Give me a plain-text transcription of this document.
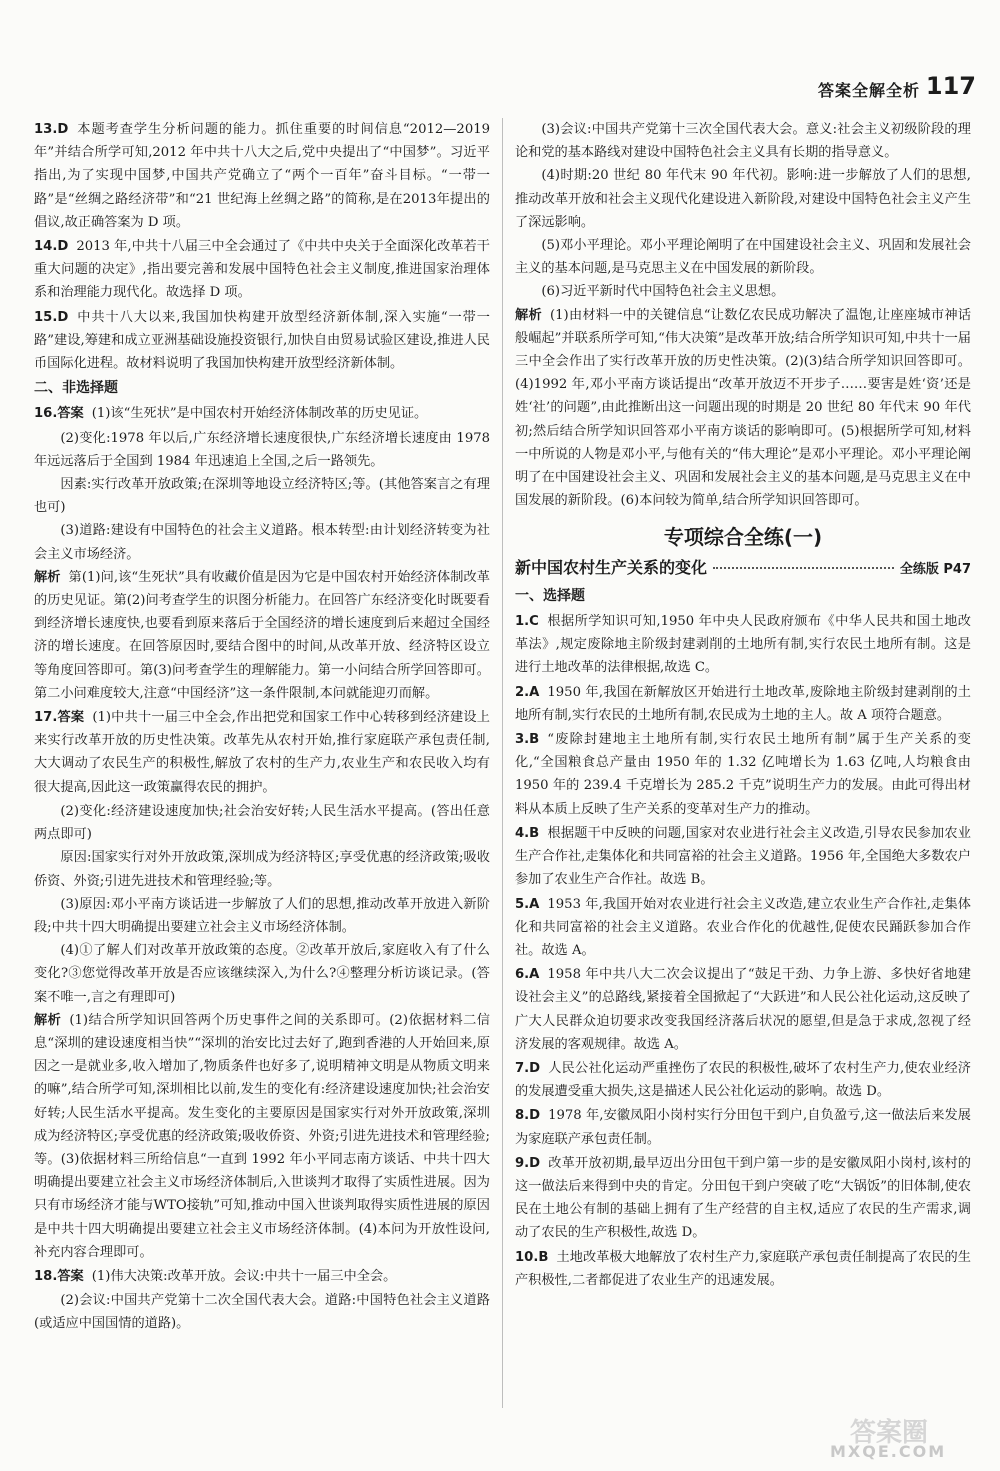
答案全解全析 117

13.D 本题考查学生分析问题的能力。抓住重要的时间信息“2012—2019年”并结合所学可知,2012 年中共十八大之后,党中央提出了“中国梦”。习近平指出,为了实现中国梦,中国共产党确立了“两个一百年”奋斗目标。“一带一路”是“丝绸之路经济带”和“21 世纪海上丝绸之路”的简称,是在2013年提出的倡议,故正确答案为 D 项。

14.D 2013 年,中共十八届三中全会通过了《中共中央关于全面深化改革若干重大问题的决定》,指出要完善和发展中国特色社会主义制度,推进国家治理体系和治理能力现代化。故选择 D 项。

15.D 中共十八大以来,我国加快构建开放型经济新体制,深入实施“一带一路”建设,筹建和成立亚洲基础设施投资银行,加快自由贸易试验区建设,推进人民币国际化进程。故材料说明了我国加快构建开放型经济新体制。

二、非选择题

16.答案 (1)该“生死状”是中国农村开始经济体制改革的历史见证。

(2)变化:1978 年以后,广东经济增长速度很快,广东经济增长速度由 1978 年远远落后于全国到 1984 年迅速追上全国,之后一路领先。

因素:实行改革开放政策;在深圳等地设立经济特区;等。(其他答案言之有理也可)

(3)道路:建设有中国特色的社会主义道路。根本转型:由计划经济转变为社会主义市场经济。

解析 第(1)问,该“生死状”具有收藏价值是因为它是中国农村开始经济体制改革的历史见证。第(2)问考查学生的识图分析能力。在回答广东经济变化时既要看到经济增长速度快,也要看到原来落后于全国经济的增长速度到后来超过全国经济的增长速度。在回答原因时,要结合图中的时间,从改革开放、经济特区设立等角度回答即可。第(3)问考查学生的理解能力。第一小问结合所学回答即可。第二小问难度较大,注意“中国经济”这一条件限制,本问就能迎刃而解。

17.答案 (1)中共十一届三中全会,作出把党和国家工作中心转移到经济建设上来实行改革开放的历史性决策。改革先从农村开始,推行家庭联产承包责任制,大大调动了农民生产的积极性,解放了农村的生产力,农业生产和农民收入均有很大提高,因此这一政策赢得农民的拥护。

(2)变化:经济建设速度加快;社会治安好转;人民生活水平提高。(答出任意两点即可)

原因:国家实行对外开放政策,深圳成为经济特区;享受优惠的经济政策;吸收侨资、外资;引进先进技术和管理经验;等。

(3)原因:邓小平南方谈话进一步解放了人们的思想,推动改革开放进入新阶段;中共十四大明确提出要建立社会主义市场经济体制。

(4)①了解人们对改革开放政策的态度。②改革开放后,家庭收入有了什么变化?③您觉得改革开放是否应该继续深入,为什么?④整理分析访谈记录。(答案不唯一,言之有理即可)

解析 (1)结合所学知识回答两个历史事件之间的关系即可。(2)依据材料二信息“深圳的建设速度相当快”“深圳的治安比过去好了,跑到香港的人开始回来,原因之一是就业多,收入增加了,物质条件也好多了,说明精神文明是从物质文明来的嘛”,结合所学可知,深圳相比以前,发生的变化有:经济建设速度加快;社会治安好转;人民生活水平提高。发生变化的主要原因是国家实行对外开放政策,深圳成为经济特区;享受优惠的经济政策;吸收侨资、外资;引进先进技术和管理经验;等。(3)依据材料三所给信息“一直到 1992 年小平同志南方谈话、中共十四大明确提出要建立社会主义市场经济体制后,入世谈判才取得了实质性进展。因为只有市场经济才能与WTO接轨”可知,推动中国入世谈判取得实质性进展的原因是中共十四大明确提出要建立社会主义市场经济体制。(4)本问为开放性设问,补充内容合理即可。

18.答案 (1)伟大决策:改革开放。会议:中共十一届三中全会。

(2)会议:中国共产党第十二次全国代表大会。道路:中国特色社会主义道路(或适应中国国情的道路)。

(3)会议:中国共产党第十三次全国代表大会。意义:社会主义初级阶段的理论和党的基本路线对建设中国特色社会主义具有长期的指导意义。

(4)时期:20 世纪 80 年代末 90 年代初。影响:进一步解放了人们的思想,推动改革开放和社会主义现代化建设进入新阶段,对建设中国特色社会主义产生了深远影响。

(5)邓小平理论。邓小平理论阐明了在中国建设社会主义、巩固和发展社会主义的基本问题,是马克思主义在中国发展的新阶段。

(6)习近平新时代中国特色社会主义思想。

解析 (1)由材料一中的关键信息“让数亿农民成功解决了温饱,让座座城市神话般崛起”并联系所学可知,“伟大决策”是改革开放;结合所学知识可知,中共十一届三中全会作出了实行改革开放的历史性决策。(2)(3)结合所学知识回答即可。(4)1992 年,邓小平南方谈话提出“改革开放迈不开步子……要害是姓‘资’还是姓‘社’的问题”,由此推断出这一问题出现的时期是 20 世纪 80 年代末 90 年代初;然后结合所学知识回答邓小平南方谈话的影响即可。(5)根据所学可知,材料一中所说的人物是邓小平,与他有关的“伟大理论”是邓小平理论。邓小平理论阐明了在中国建设社会主义、巩固和发展社会主义的基本问题,是马克思主义在中国发展的新阶段。(6)本问较为简单,结合所学知识回答即可。

专项综合全练(一)
新中国农村生产关系的变化	全练版 P47
一、选择题

1.C 根据所学知识可知,1950 年中央人民政府颁布《中华人民共和国土地改革法》,规定废除地主阶级封建剥削的土地所有制,实行农民土地所有制。这是进行土地改革的法律根据,故选 C。

2.A 1950 年,我国在新解放区开始进行土地改革,废除地主阶级封建剥削的土地所有制,实行农民的土地所有制,农民成为土地的主人。故 A 项符合题意。

3.B “废除封建地主土地所有制,实行农民土地所有制”属于生产关系的变化,“全国粮食总产量由 1950 年的 1.32 亿吨增长为 1.63 亿吨,人均粮食由 1950 年的 239.4 千克增长为 285.2 千克”说明生产力的发展。由此可得出材料从本质上反映了生产关系的变革对生产力的推动。

4.B 根据题干中反映的问题,国家对农业进行社会主义改造,引导农民参加农业生产合作社,走集体化和共同富裕的社会主义道路。1956 年,全国绝大多数农户参加了农业生产合作社。故选 B。

5.A 1953 年,我国开始对农业进行社会主义改造,建立农业生产合作社,走集体化和共同富裕的社会主义道路。农业合作化的优越性,促使农民踊跃参加合作社。故选 A。

6.A 1958 年中共八大二次会议提出了“鼓足干劲、力争上游、多快好省地建设社会主义”的总路线,紧接着全国掀起了“大跃进”和人民公社化运动,这反映了广大人民群众迫切要求改变我国经济落后状况的愿望,但是急于求成,忽视了经济发展的客观规律。故选 A。

7.D 人民公社化运动严重挫伤了农民的积极性,破坏了农村生产力,使农业经济的发展遭受重大损失,这是描述人民公社化运动的影响。故选 D。

8.D 1978 年,安徽凤阳小岗村实行分田包干到户,自负盈亏,这一做法后来发展为家庭联产承包责任制。

9.D 改革开放初期,最早迈出分田包干到户第一步的是安徽凤阳小岗村,该村的这一做法后来得到中央的肯定。分田包干到户突破了吃“大锅饭”的旧体制,使农民在土地公有制的基础上拥有了生产经营的自主权,适应了农民的生产需求,调动了农民的生产积极性,故选 D。

10.B 土地改革极大地解放了农村生产力,家庭联产承包责任制提高了农民的生产积极性,二者都促进了农业生产的迅速发展。

答案圈
MXQE.COM
